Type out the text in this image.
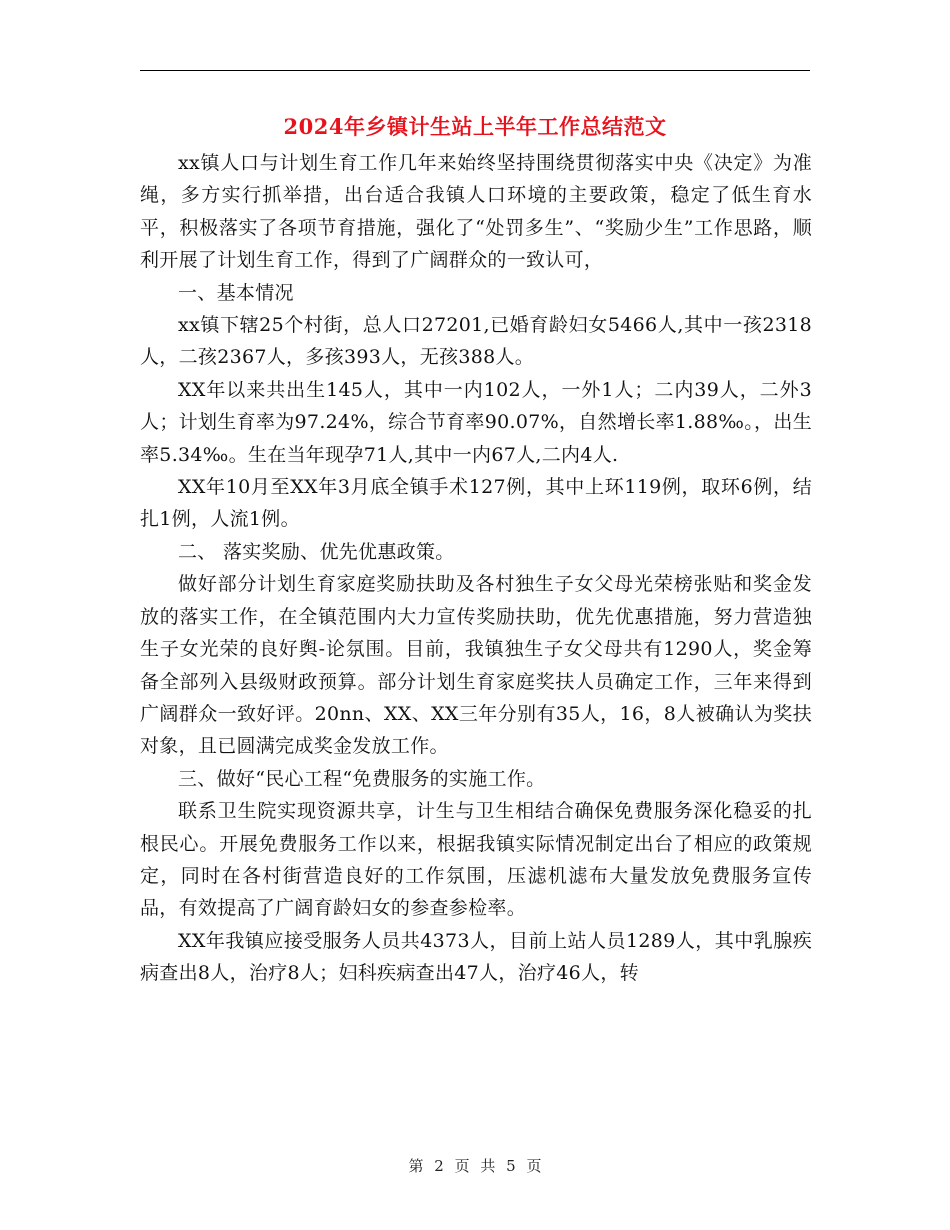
2024年乡镇计生站上半年工作总结范文

xx镇人口与计划生育工作几年来始终坚持围绕贯彻落实中央《决定》为准绳，多方实行抓举措，出台适合我镇人口环境的主要政策，稳定了低生育水平，积极落实了各项节育措施，强化了“处罚多生”、“奖励少生”工作思路，顺利开展了计划生育工作，得到了广阔群众的一致认可，

一、基本情况

xx镇下辖25个村街，总人口27201,已婚育龄妇女5466人,其中一孩2318人，二孩2367人，多孩393人，无孩388人。

XX年以来共出生145人，其中一内102人，一外1人；二内39人，二外3人；计划生育率为97.24%，综合节育率90.07%，自然增长率1.88‰。，出生率5.34‰。生在当年现孕71人,其中一内67人,二内4人.

XX年10月至XX年3月底全镇手术127例，其中上环119例，取环6例，结扎1例，人流1例。

二、 落实奖励、优先优惠政策。

做好部分计划生育家庭奖励扶助及各村独生子女父母光荣榜张贴和奖金发放的落实工作，在全镇范围内大力宣传奖励扶助，优先优惠措施，努力营造独生子女光荣的良好舆-论氛围。目前，我镇独生子女父母共有1290人，奖金筹备全部列入县级财政预算。部分计划生育家庭奖扶人员确定工作，三年来得到广阔群众一致好评。20nn、XX、XX三年分别有35人，16，8人被确认为奖扶对象，且已圆满完成奖金发放工作。

三、做好“民心工程“免费服务的实施工作。

联系卫生院实现资源共享，计生与卫生相结合确保免费服务深化稳妥的扎根民心。开展免费服务工作以来，根据我镇实际情况制定出台了相应的政策规定，同时在各村街营造良好的工作氛围，压滤机滤布大量发放免费服务宣传品，有效提高了广阔育龄妇女的参查参检率。

XX年我镇应接受服务人员共4373人，目前上站人员1289人，其中乳腺疾病查出8人，治疗8人；妇科疾病查出47人，治疗46人，转

第 2 页 共 5 页
